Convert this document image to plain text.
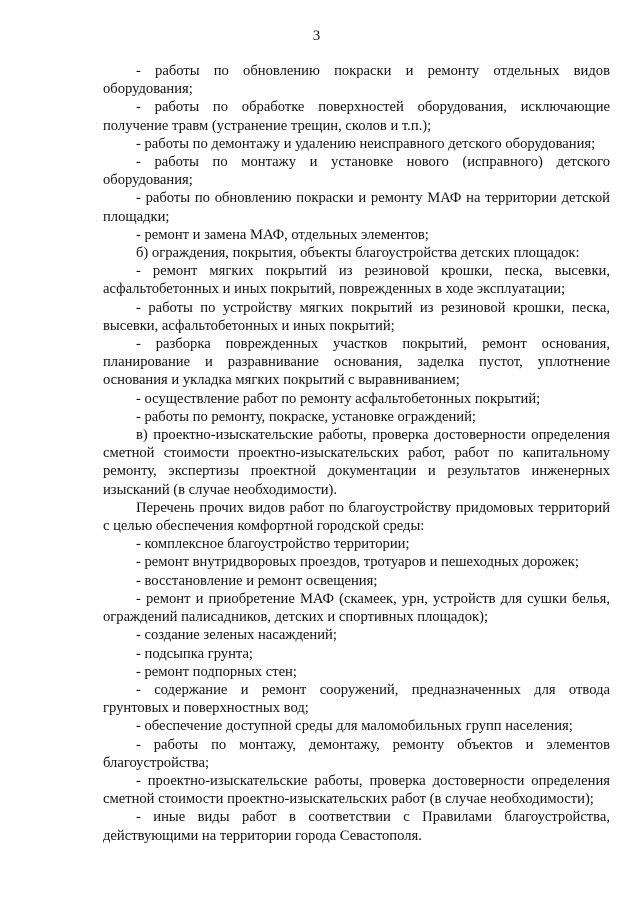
3

- работы по обновлению покраски и ремонту отдельных видов оборудования;

- работы по обработке поверхностей оборудования, исключающие получение травм (устранение трещин, сколов и т.п.);

- работы по демонтажу и удалению неисправного детского оборудования;

- работы по монтажу и установке нового (исправного) детского оборудования;

- работы по обновлению покраски и ремонту МАФ на территории детской площадки;

- ремонт и замена МАФ, отдельных элементов;

б) ограждения, покрытия, объекты благоустройства детских площадок:

- ремонт мягких покрытий из резиновой крошки, песка, высевки, асфальтобетонных и иных покрытий, поврежденных в ходе эксплуатации;

- работы по устройству мягких покрытий из резиновой крошки, песка, высевки, асфальтобетонных и иных покрытий;

- разборка поврежденных участков покрытий, ремонт основания, планирование и разравнивание основания, заделка пустот, уплотнение основания и укладка мягких покрытий с выравниванием;

- осуществление работ по ремонту асфальтобетонных покрытий;

- работы по ремонту, покраске, установке ограждений;

в) проектно-изыскательские работы, проверка достоверности определения сметной стоимости проектно-изыскательских работ, работ по капитальному ремонту, экспертизы проектной документации и результатов инженерных изысканий (в случае необходимости).

Перечень прочих видов работ по благоустройству придомовых территорий с целью обеспечения комфортной городской среды:

- комплексное благоустройство территории;

- ремонт внутридворовых проездов, тротуаров и пешеходных дорожек;

- восстановление и ремонт освещения;

- ремонт и приобретение МАФ (скамеек, урн, устройств для сушки белья, ограждений палисадников, детских и спортивных площадок);

- создание зеленых насаждений;

- подсыпка грунта;

- ремонт подпорных стен;

- содержание и ремонт сооружений, предназначенных для отвода грунтовых и поверхностных вод;

- обеспечение доступной среды для маломобильных групп населения;

- работы по монтажу, демонтажу, ремонту объектов и элементов благоустройства;

- проектно-изыскательские работы, проверка достоверности определения сметной стоимости проектно-изыскательских работ (в случае необходимости);

- иные виды работ в соответствии с Правилами благоустройства, действующими на территории города Севастополя.
